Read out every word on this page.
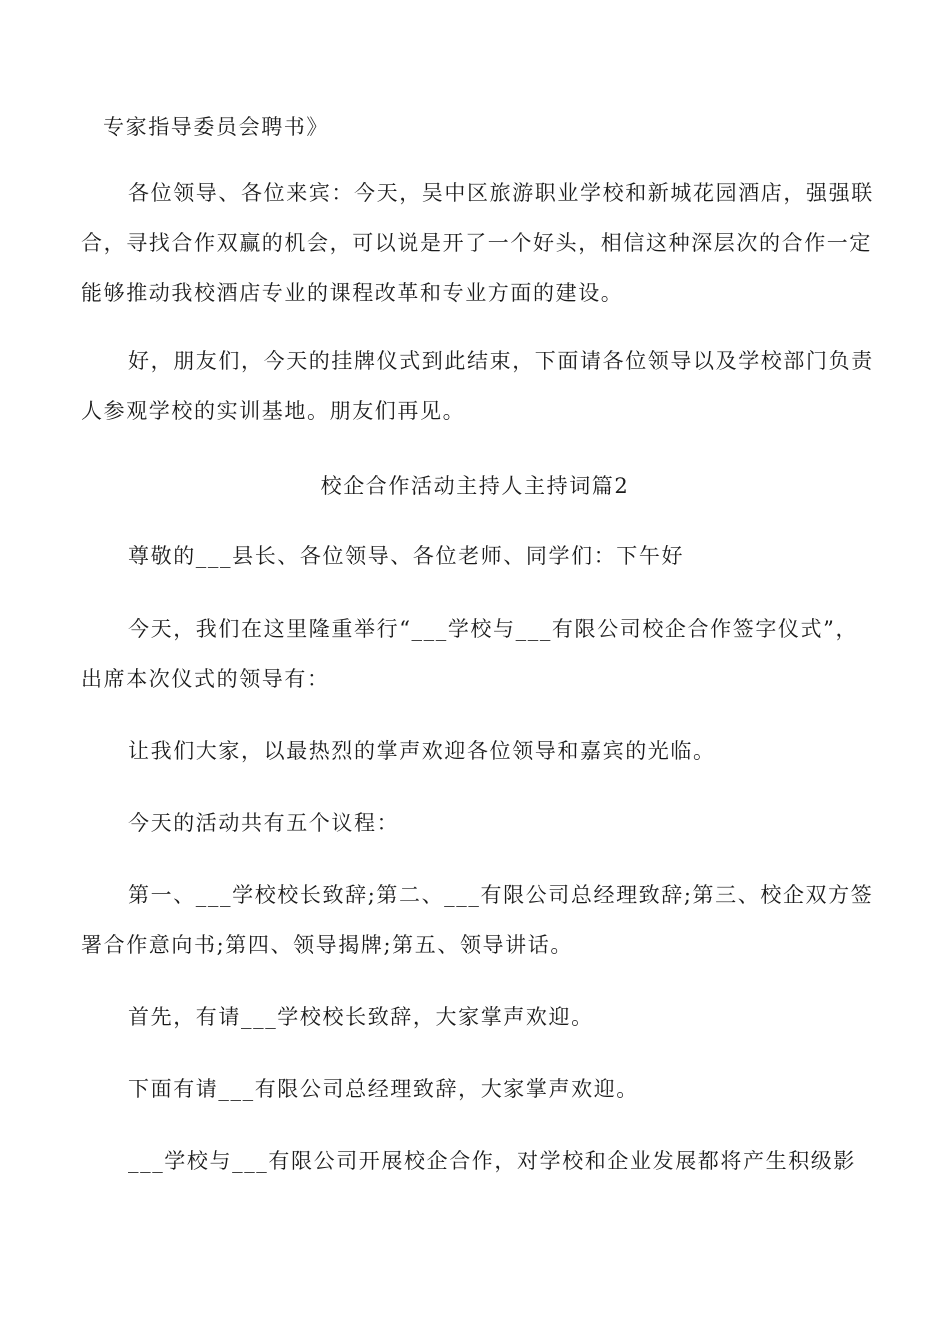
专家指导委员会聘书》
各位领导、各位来宾：今天，吴中区旅游职业学校和新城花园酒店，强强联
合，寻找合作双赢的机会，可以说是开了一个好头，相信这种深层次的合作一定
能够推动我校酒店专业的课程改革和专业方面的建设。
好，朋友们，今天的挂牌仪式到此结束，下面请各位领导以及学校部门负责
人参观学校的实训基地。朋友们再见。
校企合作活动主持人主持词篇2
尊敬的___县长、各位领导、各位老师、同学们：下午好
今天，我们在这里隆重举行“___学校与___有限公司校企合作签字仪式”，
出席本次仪式的领导有：
让我们大家，以最热烈的掌声欢迎各位领导和嘉宾的光临。
今天的活动共有五个议程：
第一、___学校校长致辞;第二、___有限公司总经理致辞;第三、校企双方签
署合作意向书;第四、领导揭牌;第五、领导讲话。
首先，有请___学校校长致辞，大家掌声欢迎。
下面有请___有限公司总经理致辞，大家掌声欢迎。
___学校与___有限公司开展校企合作，对学校和企业发展都将产生积级影
